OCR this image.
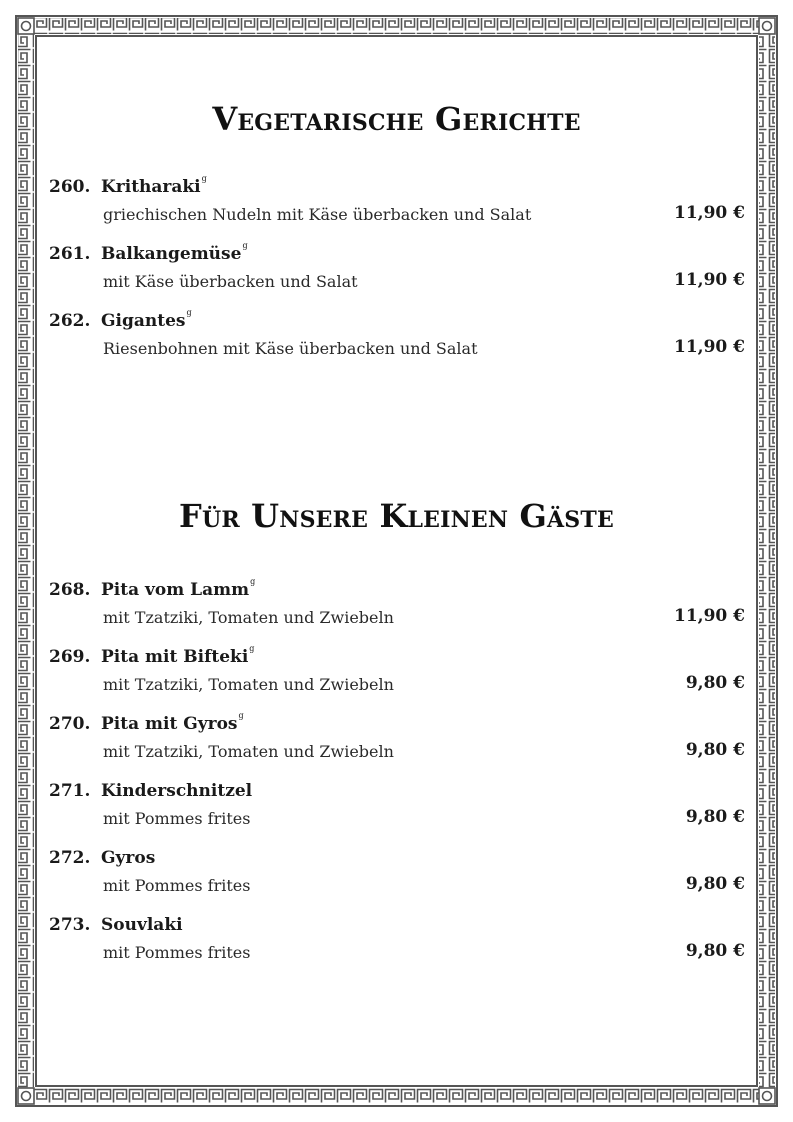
Vegetarische Gerichte
260. Kritharaki$^g$
griechischen Nudeln mit Käse überbacken und Salat	11,90 €
261. Balkangemüse$^g$
mit Käse überbacken und Salat	11,90 €
262. Gigantes$^g$
Riesenbohnen mit Käse überbacken und Salat	11,90 €
Für Unsere Kleinen Gäste
268. Pita vom Lamm$^g$
mit Tzatziki, Tomaten und Zwiebeln	11,90 €
269. Pita mit Bifteki$^g$
mit Tzatziki, Tomaten und Zwiebeln	9,80 €
270. Pita mit Gyros$^g$
mit Tzatziki, Tomaten und Zwiebeln	9,80 €
271. Kinderschnitzel
mit Pommes frites	9,80 €
272. Gyros
mit Pommes frites	9,80 €
273. Souvlaki
mit Pommes frites	9,80 €
